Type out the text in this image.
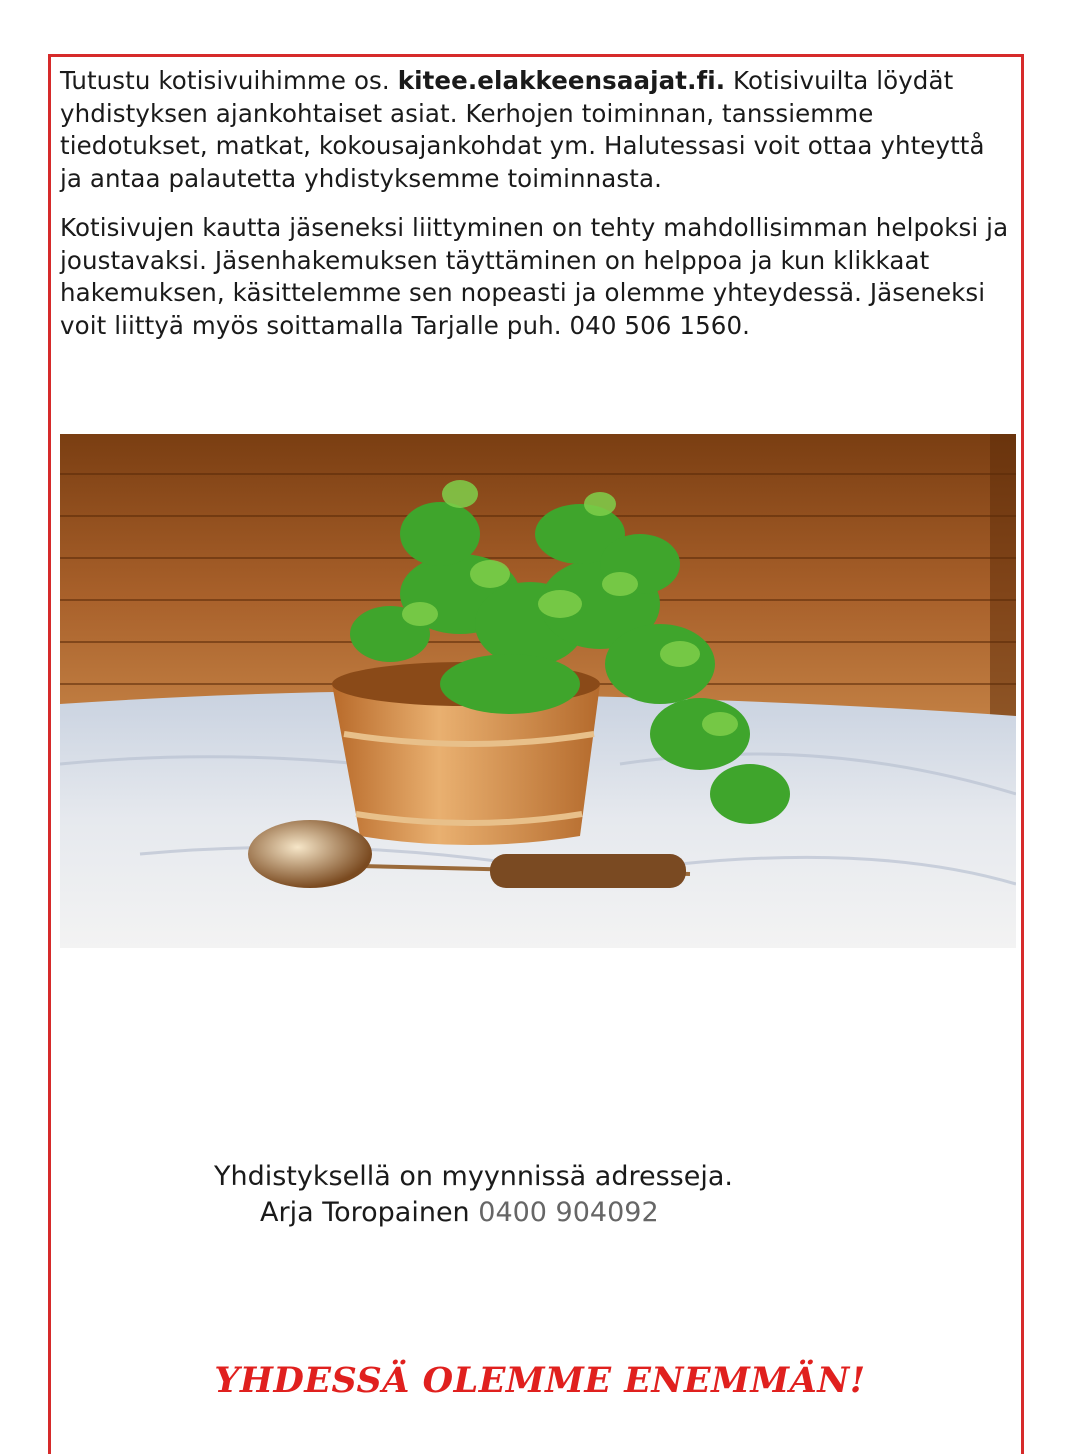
Tutustu kotisivuihimme os. kitee.elakkeensaajat.fi. Kotisivuilta löydät yhdistyksen ajankohtaiset asiat. Kerhojen toiminnan, tanssiemme tiedotukset, matkat, kokousajankohdat ym. Halutessasi voit ottaa yhteyttå ja antaa palautetta yhdistyksemme toiminnasta.
Kotisivujen kautta jäseneksi liittyminen on tehty mahdollisimman helpoksi ja joustavaksi. Jäsenhakemuksen täyttäminen on helppoa ja kun klikkaat hakemuksen, käsittelemme sen nopeasti ja olemme yhteydessä. Jäseneksi voit liittyä myös soittamalla Tarjalle puh. 040 506 1560.
Yhdistyksellä on myynnissä adresseja.
Arja Toropainen 0400 904092
YHDESSÄ OLEMME ENEMMÄN!
